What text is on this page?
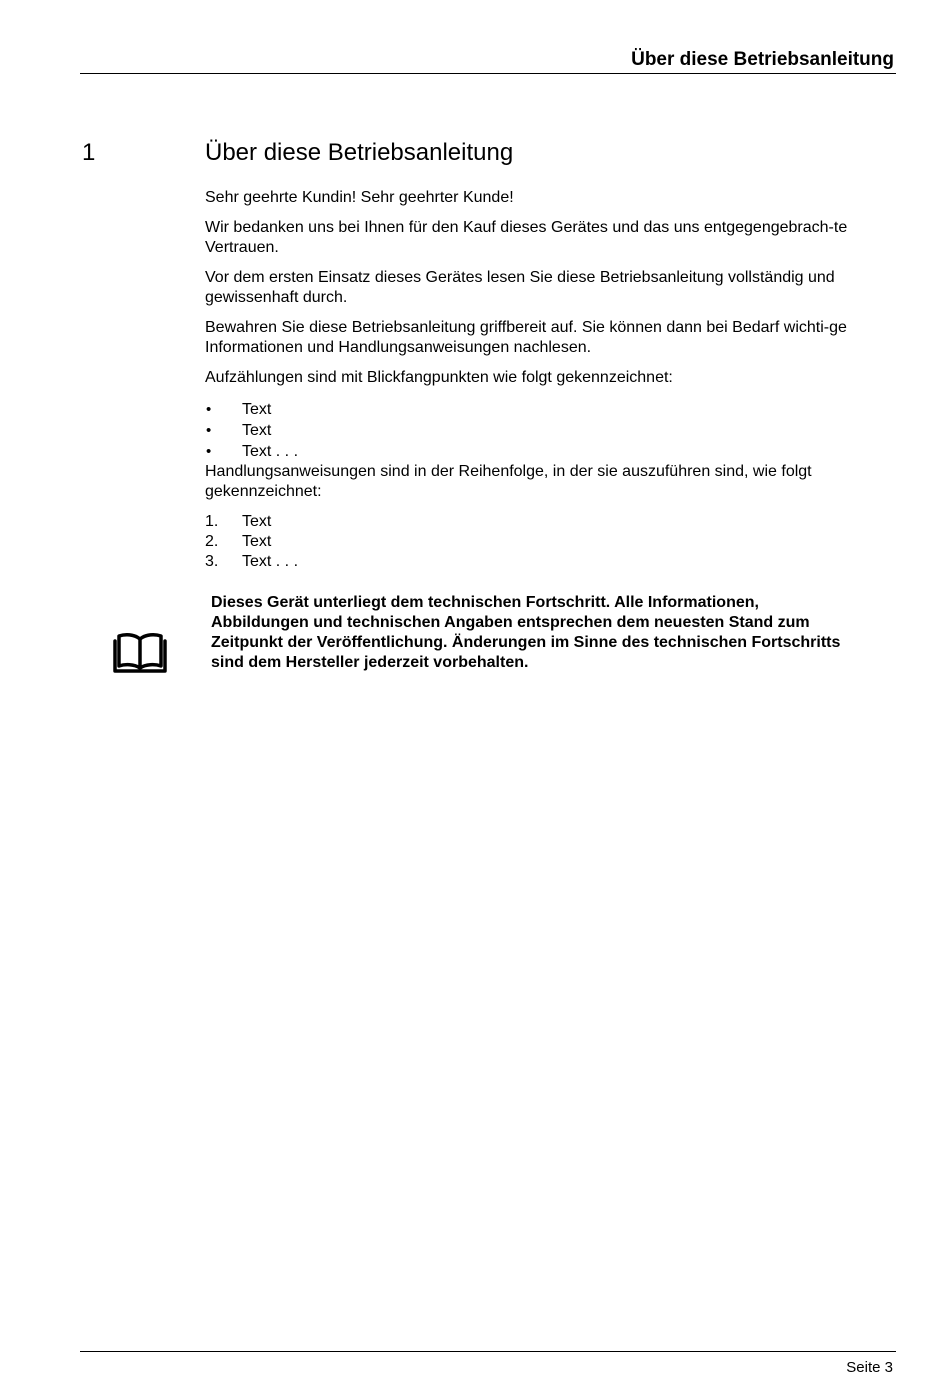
Über diese Betriebsanleitung
1	Über diese Betriebsanleitung

Sehr geehrte Kundin! Sehr geehrter Kunde!

Wir bedanken uns bei Ihnen für den Kauf dieses Gerätes und das uns entgegengebrach-te Vertrauen.

Vor dem ersten Einsatz dieses Gerätes lesen Sie diese Betriebsanleitung vollständig und gewissenhaft durch.

Bewahren Sie diese Betriebsanleitung griffbereit auf. Sie können dann bei Bedarf wichti-ge Informationen und Handlungsanweisungen nachlesen.

Aufzählungen sind mit Blickfangpunkten wie folgt gekennzeichnet:

•	Text
•	Text
•	Text . . .

Handlungsanweisungen sind in der Reihenfolge, in der sie auszuführen sind, wie folgt gekennzeichnet:

1.	Text
2.	Text
3.	Text . . .

Dieses Gerät unterliegt dem technischen Fortschritt. Alle Informationen, Abbildungen und technischen Angaben entsprechen dem neuesten Stand zum Zeitpunkt der Veröffentlichung. Änderungen im Sinne des technischen Fortschritts sind dem Hersteller jederzeit vorbehalten.

Seite 3
